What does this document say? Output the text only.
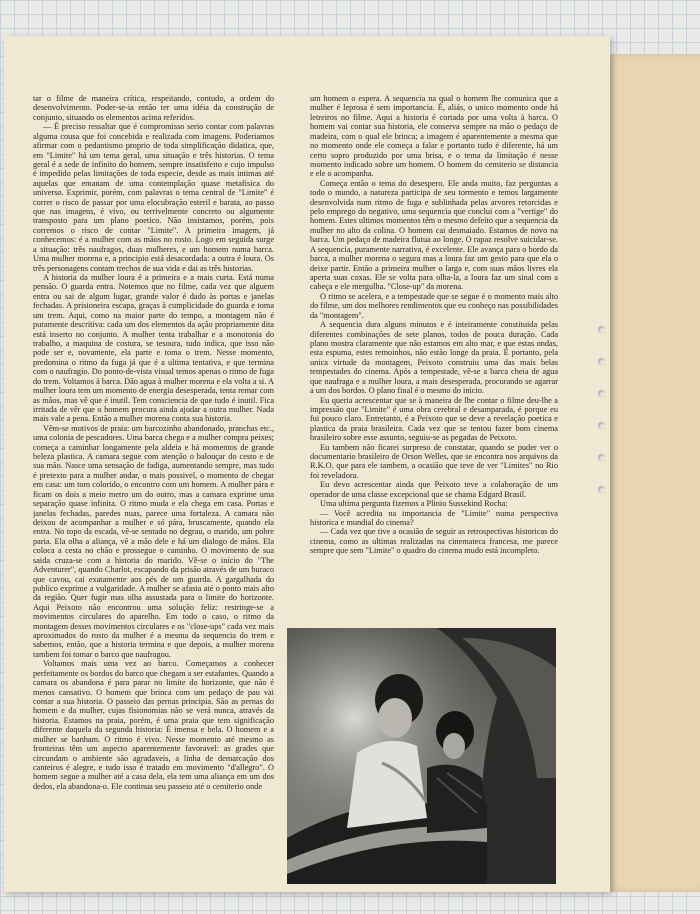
tar o filme de maneira crítica, respeitando, contudo, a ordem do desenvolvimento. Poder-se-ia então ter uma idéia da construção de conjunto, situando os elementos acima referidos.

— É preciso ressaltar que é compromisso serio contar com palavras alguma cousa que foi concebida e realizada com imagens. Poderiamos afirmar com o pedantismo proprio de toda simplificação didatica, que, em "Limite" há um tema geral, uma situação e três historias. O tema geral é a sede de infinito do homem, sempre insatisfeito e cujo impulso é impedido pelas limitações de toda especie, desde as mais intimas até aquelas que emanam de uma contemplação quase metafisica do universo. Exprimir, porém, com palavras o tema central de "Limite" é correr o risco de passar por uma elocubração esteril e barata, ao passo que nas imagens, é vivo, ou terrivelmente concreto ou algumente transposto para um plano poetico. Não insistamos, porém, pois corremos o risco de contar "Limite". A primeira imagem, já conhecemos: é a mulher com as mãos no rosto. Logo em seguida surge a situação: três naufragos, duas mulheres, e um homem numa barca. Uma mulher morena e, a principio está desacordada: a outra é loura. Os três personagens contam trechos de sua vida e dai as três historias.

A historia da mulher loura é a primeira e a mais curta. Está numa pensão. O guarda entra. Notemos que no filme, cada vez que alguem entra ou sai de algum lugar, grande valor é dado às portas e janelas fechadas. A prisioneira escapa, graças à cumplicidade do guarda e toma um trem. Aqui, como na maior parte do tempo, a montagem não é puramente descritiva: cada um dos elementos da ação propriamente dita está inserto no conjunto. A mulher tenta trabalhar e a monotonia do trabalho, a maquina de costura, se tesoura, tudo indica, que isso não pode ser e, novamente, ela parte e toma o trem. Nesse momento, predomina o ritmo da fuga já que é a ultima tentativa, e que termina com o naufragio. Do ponto-de-vista visual temos apenas o ritmo de fuga do trem. Voltamos à barca. Dão agua à mulher morena e ela volta a si. A mulher loura tem um momento de energia desesperada, tenta remar com as mãos, mas vê que é inutil. Tem consciencia de que tudo é inutil. Fica irritada de vêr que o homem procura ainda ajudar a outra mulher. Nada mais vale a pena. Então a mulher morena conta sua historia.

Vêm-se motivos de praia: um barcozinho abandonado, pranchas etc., uma colonia de pescadores. Uma barca chega e a mulher compra peixes; começa a caminhar longamente pela aldeia e há momentos de grande beleza plastica. A camara segue com atenção o balouçar do cesto e de sua mão. Nasce uma sensação de fadiga, aumentando sempre, mas tudo é pretexto para a mulher andar, o mais possivel, o momento de chegar em casa: um tom colorido, o encontro com um homem. A mulher pára e ficam os dois a meio metro um do outro, mas a camara exprime uma separação quase infinita. O ritmo muda e ela chega em casa. Portas e janelas fechadas, paredes nuas, parece uma fortaleza. A camara não deixou de acompanhar a mulher e só pára, bruscamente, quando ela entra. No topo da escada, vê-se sentado no degrau, o marido, um pobre paria. Ela olha a aliança, vê a mão dele e há um dialogo de mãos. Ela coloca a cesta no chão e prossegue o caminho. O movimento de sua saida cruza-se com a historia do marido. Vê-se o início do "The Adventurer", quando Charlot, escapando da prisão através de um buraco que cavou, cai exatamente aos pés de um guarda. A gargalhada do publico exprime a vulgaridade. A mulher se afasta até o ponto mais alto da região. Quer fugir mas olha assustada para o limite do horizonte. Aqui Peixoto não encontrou uma solução feliz: restringe-se a movimentos circulares do aparelho. Em todo o caso, o ritmo da montagem desses movimentos circulares e os "close-ups" cada vez mais aproximados do rosto da mulher é a mesma da sequencia do trem e sabemos, então, que a historia termina e que depois, a mulher morena tambem foi tomar o barco que naufragou.

Voltamos mais uma vez ao barco. Começamos a conhecer perfeitamente os bordos do barco que chegam a ser estafantes. Quando a camara os abandona é para parar no limite do horizonte, que não é menos cansativo. O homem que brinca com um pedaço de pau vai contar a sua historia. O passeio das pernas principia. São as pernas do homem e da mulher, cujas fisionomias não se verá nunca, através da historia. Estamos na praia, porém, é uma praia que tem significação diferente daquela da segunda historia: É imensa e bela. O homem e a mulher se banham. O ritmo é vivo. Nesse momento até mesmo as fronteiras têm um aspecto aparentemente favoravel: as grades que circundam o ambiente são agradaveis, a linha de demarcação dos canteiros é alegre, e tudo isso é tratado em movimento "d'allegro". O homem segue a mulher até a casa dela, ela tem uma aliança em um dos dedos, ela abandona-o. Ele continua seu passeio até o cemiterio onde

um homem o espera. A sequencia na qual o homem lhe comunica que a mulher é leprosa é sem importancia. É, aliás, o unico momento onde há letreiros no filme. Aqui a historia é cortada por uma volta à barca. O homem vai contar sua historia, ele conserva sempre na mão o pedaço de madeira, com o qual ele brinca; a imagem é aparentemente a mesma que no momento onde ele começa a falar e portanto tudo é diferente, há um certo sopro produzido por uma brisa, e o tema da limitação é nesse momento indicado sobre um homem. O homem do cemiterio se distancia e ele o acompanha.

Começa então o tema do desespero. Ele anda muito, faz perguntas a todo o mundo, a natureza participa de seu tormento e temos largamente desenvolvida num ritmo de fuga e sublinhada pelas arvores retorcidas e pelo emprego do negativo, uma sequencia que conclui com a "vertige" do homem. Estes ultimos momentos têm o mesmo defeito que a sequencia da mulher no alto da colina. O homem cai desmaiado. Estamos de novo na barca. Um pedaço de madeira flutua ao longe. O rapaz resolve suicidar-se. A sequencia, puramente narrativa, é excelente. Ele avança para o bordo da barca, a mulher morena o segura mas a loura faz um gesto para que ela o deixe partir. Então a primeira mulher o larga e, com suas mãos livres ela aperta suas coxas. Ele se volta para olha-la, a loura faz um sinal com a cabeça e ele mergulha. "Close-up" da morena.

O ritmo se acelera, e a tempestade que se segue é o momento mais alto do filme, um dos melhores rendimentos que eu conheço nas possibilidades da "montagem".

A sequencia dura alguns minutos e é inteiramente constituida pelas diferentes combinações de sete planos, todos de pouca duração. Cada plano mostra claramente que não estamos em alto mar, e que estas ondas, esta espuma, estes remoinhos, não estão longe da praia. É portanto, pela unica virtude da montagem, Peixoto construiu uma das mais belas tempestades do cinema. Após a tempestade, vê-se a barca cheia de agua que naufraga e a mulher loura, a mais desesperada, procurando se agarrar a um dos bordos. O plano final é o mesmo do inicio.

Eu queria acrescentar que se à maneira de lhe contar o filme deu-lhe a impressão que "Limite" é uma obra cerebral e desamparada, é porque eu fui pouco claro. Entretanto, é a Peixoto que se deve a revelação poetica e plastica da praia brasileira. Cada vez que se tentou fazer bom cinema brasileiro sobre esse assunto, seguiu-se as pegadas de Peixoto.

Eu tambem não ficarei surpreso de constatar, quando se puder ver o documentario brasileiro de Orson Welles, que se encontra nos arquivos da R.K.O. que para ele tambem, a ocasião que teve de ver "Limites" no Rio foi reveladora.

Eu devo acrescentar ainda que Peixoto teve a colaboração de um operador de uma classe excepcional que se chama Edgard Brasil.

Uma ultima pergunta fizemos a Plinio Sussekind Rocha:

— Você acredita na importancia de "Limite" numa perspectiva historica e mundial do cinema?

— Cada vez que tive a ocasião de seguir as retrospectivas historicas do cinema, como as ultimas realizadas na cinemateca francesa, me parece sempre que sem "Limite" o quadro do cinema mudo está incompleto.
